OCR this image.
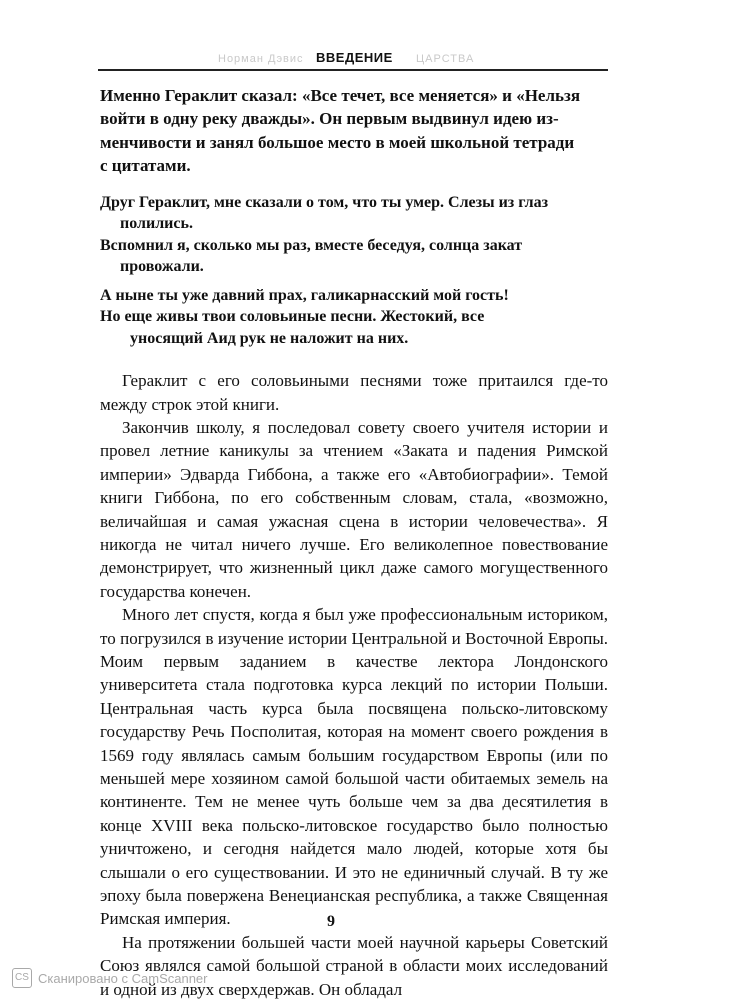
Норман Дэвис	ЦАРСТВА
ВВЕДЕНИЕ

Именно Гераклит сказал: «Все течет, все меняется» и «Нельзя
войти в одну реку дважды». Он первым выдвинул идею из-
менчивости и занял большое место в моей школьной тетради
с цитатами.

Друг Гераклит, мне сказали о том, что ты умер. Слезы из глаз

полились.

Вспомнил я, сколько мы раз, вместе беседуя, солнца закат

провожали.

А ныне ты уже давний прах, галикарнасский мой гость!

Но еще живы твои соловьиные песни. Жестокий, все

уносящий Аид рук не наложит на них.

Гераклит с его соловьиными песнями тоже притаился где-то между строк этой книги.

Закончив школу, я последовал совету своего учителя истории и провел летние каникулы за чтением «Заката и падения Римской империи» Эдварда Гиббона, а также его «Автобиографии». Темой книги Гиббона, по его собственным словам, стала, «возможно, величайшая и самая ужасная сцена в истории человечества». Я никогда не читал ничего лучше. Его великолепное повествование демонстрирует, что жизненный цикл даже самого могущественного государства конечен.

Много лет спустя, когда я был уже профессиональным историком, то погрузился в изучение истории Центральной и Восточной Европы. Моим первым заданием в качестве лектора Лондонского университета стала подготовка курса лекций по истории Польши. Центральная часть курса была посвящена польско-литовскому государству Речь Посполитая, которая на момент своего рождения в 1569 году являлась самым большим государством Европы (или по меньшей мере хозяином самой большой части обитаемых земель на континенте. Тем не менее чуть больше чем за два десятилетия в конце XVIII века польско-литовское государство было полностью уничтожено, и сегодня найдется мало людей, которые хотя бы слышали о его существовании. И это не единичный случай. В ту же эпоху была повержена Венецианская республика, а также Священная Римская империя.

На протяжении большей части моей научной карьеры Советский Союз являлся самой большой страной в области моих исследований и одной из двух сверхдержав. Он обладал

9
CS Сканировано с CamScanner
